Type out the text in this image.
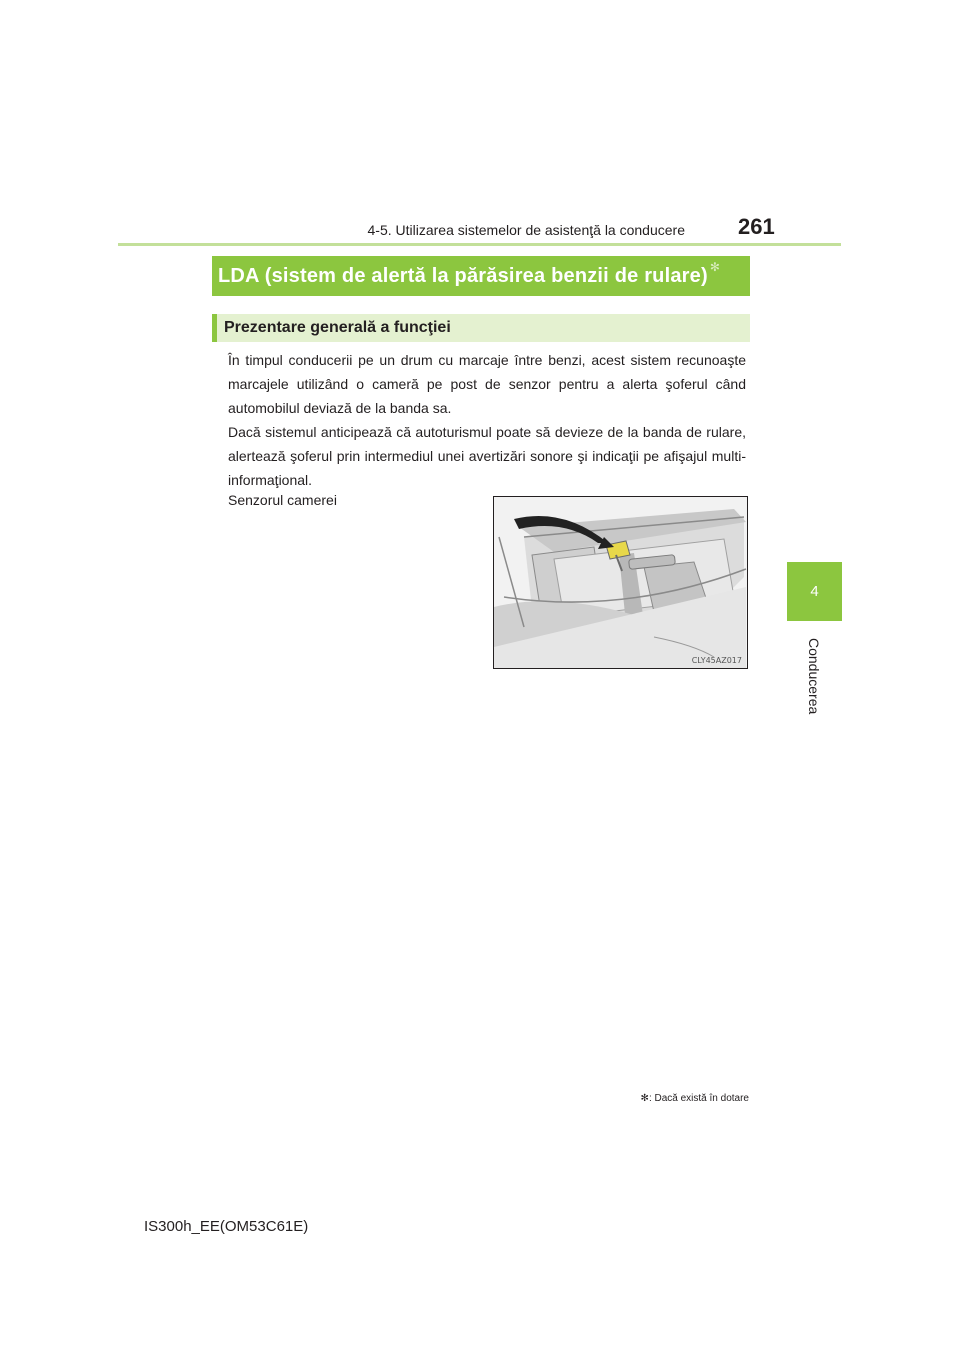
4-5. Utilizarea sistemelor de asistenţă la conducere 261
4
Conducerea
LDA (sistem de alertă la părăsirea benzii de rulare) ✻
Prezentare generală a funcţiei

În timpul conducerii pe un drum cu marcaje între benzi, acest sistem recunoaşte marcajele utilizând o cameră pe post de senzor pentru a alerta şoferul când automobilul deviază de la banda sa.

Dacă sistemul anticipează că autoturismul poate să devieze de la banda de rulare, alertează şoferul prin intermediul unei avertizări sonore şi indicaţii pe afişajul multi-informaţional.

Senzorul camerei
CLY45AZ017
✻: Dacă există în dotare
IS300h_EE(OM53C61E)
